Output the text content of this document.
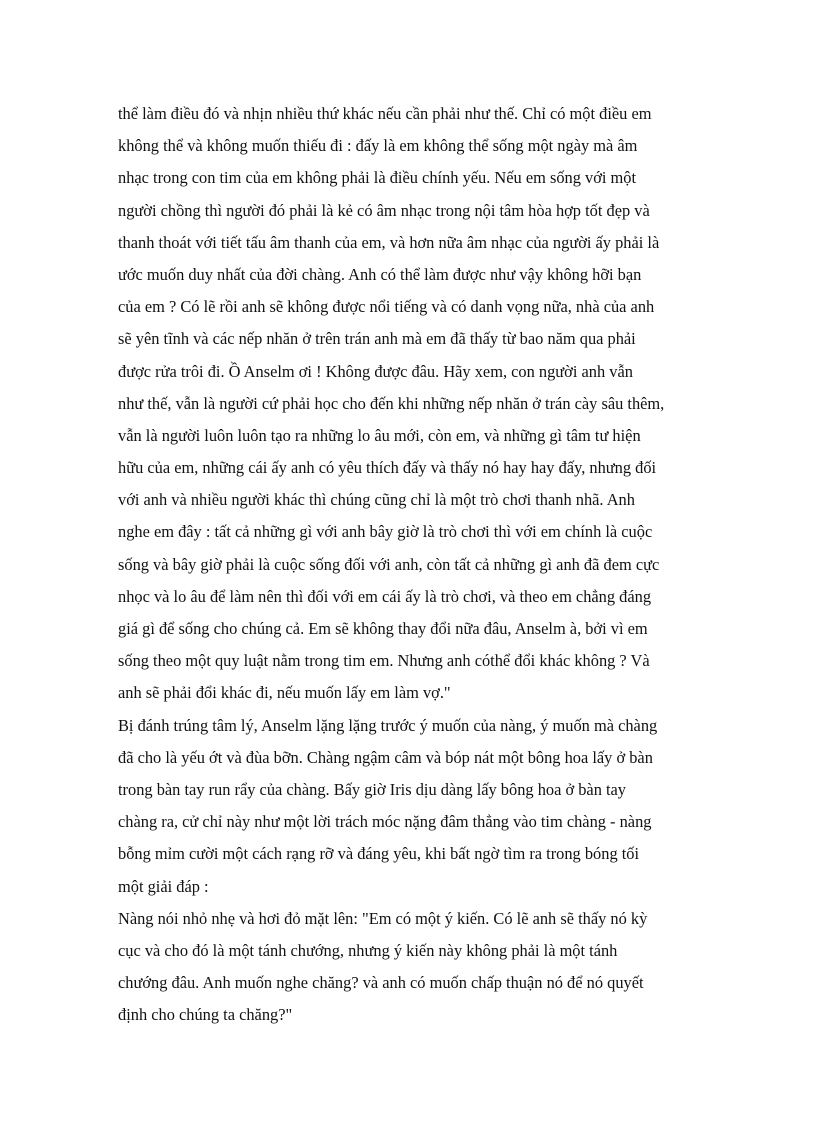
thể làm điều đó và nhịn nhiều thứ khác nếu cần phải như thế. Chỉ có một điều em
không thể và không muốn thiếu đi : đấy là em không thể sống một ngày mà âm
nhạc trong con tim của em không phải là điều chính yếu. Nếu em sống với một
người chồng thì người đó phải là kẻ có âm nhạc trong nội tâm hòa hợp tốt đẹp và
thanh thoát với tiết tấu âm thanh của em, và hơn nữa âm nhạc của người ấy phải là
ước muốn duy nhất của đời chàng. Anh có thể làm được như vậy không hỡi bạn
của em ? Có lẽ rồi anh sẽ không được nổi tiếng và có danh vọng nữa, nhà của anh
sẽ yên tĩnh và các nếp nhăn ở trên trán anh mà em đã thấy từ bao năm qua phải
được rửa trôi đi. Ồ Anselm ơi ! Không được đâu. Hãy xem, con người anh vẫn
như thế, vẫn là người cứ phải học cho đến khi những nếp nhăn ở trán cày sâu thêm,
vẫn là người luôn luôn tạo ra những lo âu mới, còn em, và những gì tâm tư hiện
hữu của em, những cái ấy anh có yêu thích đấy và thấy nó hay hay đấy, nhưng đối
với anh và nhiều người khác thì chúng cũng chỉ là một trò chơi thanh nhã. Anh
nghe em đây : tất cả những gì với anh bây giờ là trò chơi thì với em chính là cuộc
sống và bây giờ phải là cuộc sống đối với anh, còn tất cả những gì anh đã đem cực
nhọc và lo âu để làm nên thì đối với em cái ấy là trò chơi, và theo em chẳng đáng
giá gì để sống cho chúng cả. Em sẽ không thay đổi nữa đâu, Anselm à, bởi vì em
sống theo một quy luật nằm trong tim em. Nhưng anh cóthể đổi khác không ? Và
anh sẽ phải đổi khác đi, nếu muốn lấy em làm vợ."
Bị đánh trúng tâm lý, Anselm lặng lặng trước ý muốn của nàng, ý muốn mà chàng
đã cho là yếu ớt và đùa bỡn. Chàng ngậm câm và bóp nát một bông hoa lấy ở bàn
trong bàn tay run rẩy của chàng. Bấy giờ Iris dịu dàng lấy bông hoa ở bàn tay
chàng ra, cử chỉ này như một lời trách móc nặng đâm thẳng vào tim chàng - nàng
bỗng mỉm cười một cách rạng rỡ và đáng yêu, khi bất ngờ tìm ra trong bóng tối
một giải đáp :
Nàng nói nhỏ nhẹ và hơi đỏ mặt lên: "Em có một ý kiến. Có lẽ anh sẽ thấy nó kỳ
cục và cho đó là một tánh chướng, nhưng ý kiến này không phải là một tánh
chướng đâu. Anh muốn nghe chăng? và anh có muốn chấp thuận nó để nó quyết
định cho chúng ta chăng?"
